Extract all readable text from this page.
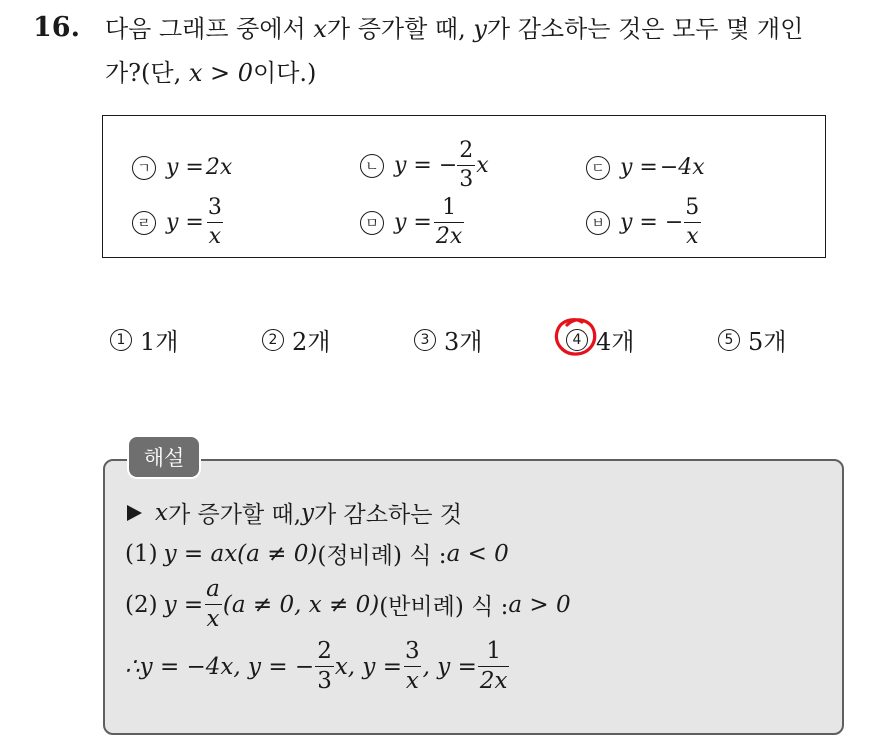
16. 다음 그래프 중에서 x가 증가할 때, y가 감소하는 것은 모두 몇 개인
가?(단, x > 0이다.)
ㄱ y = 2x	ㄴ y = − $\frac{2}{3}$ x	ㄷ y = −4x
ㄹ $y = \frac{3}{x}$	ㅁ $y = \frac{1}{2x}$	ㅂ y = − $\frac{5}{x}$
1 1개	2 2개	3 3개	4 4개	5 5개
해설
x 가 증가할 때, y 가 감소하는 것
(1) y = ax(a ≠ 0) (정비례) 식 : a < 0
(2) $y = \frac{a}{x} (a \ne 0$, x ≠ 0) (반비례) 식 : a > 0
∴y = −4x, y = − $\frac{2}{3} x$, $y = \frac{3}{x}$ , $y = \frac{1}{2x}$
